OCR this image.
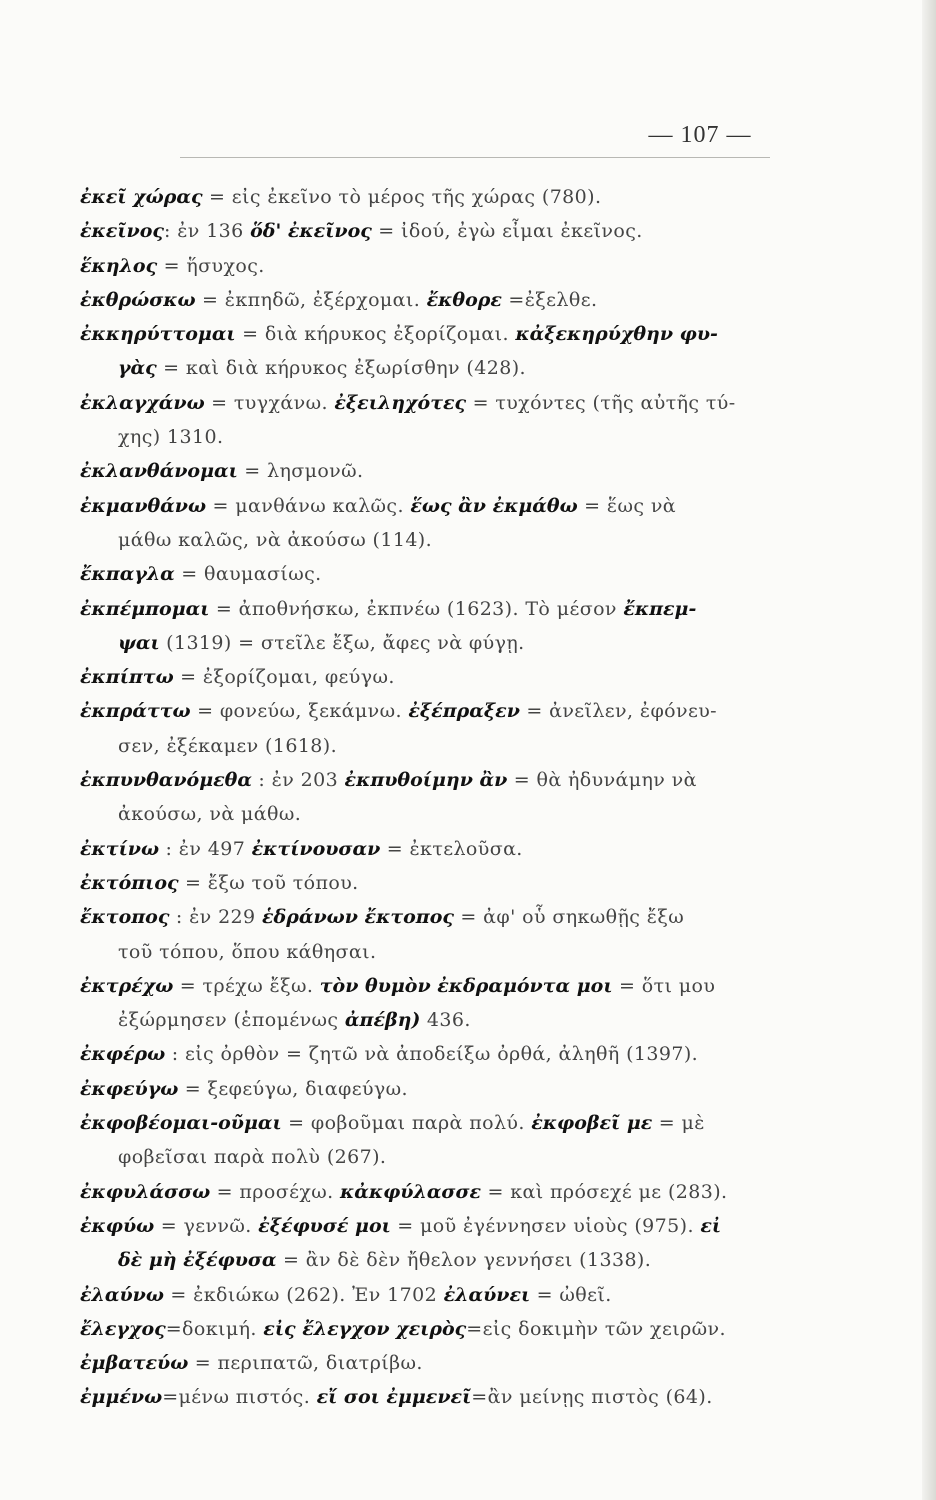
— 107 —
ἐκεῖ χώρας = εἰς ἐκεῖνο τὸ μέρος τῆς χώρας (780).
ἐκεῖνος: ἐν 136 ὅδ' ἐκεῖνος = ἰδού, ἐγὼ εἶμαι ἐκεῖνος.
ἕκηλος = ἥσυχος.
ἐκθρώσκω = ἐκπηδῶ, ἐξέρχομαι. ἔκθορε =ἐξελθε.
ἐκκηρύττομαι = διὰ κήρυκος ἐξορίζομαι. κἀξεκηρύχθην φυ-
γὰς = καὶ διὰ κήρυκος ἐξωρίσθην (428).
ἐκλαγχάνω = τυγχάνω. ἐξειληχότες = τυχόντες (τῆς αὐτῆς τύ-
χης) 1310.
ἐκλανθάνομαι = λησμονῶ.
ἐκμανθάνω = μανθάνω καλῶς. ἕως ἂν ἐκμάθω = ἕως νὰ
μάθω καλῶς, νὰ ἀκούσω (114).
ἔκπαγλα = θαυμασίως.
ἐκπέμπομαι = ἀποθνήσκω, ἐκπνέω (1623). Τὸ μέσον ἔκπεμ-
ψαι (1319) = στεῖλε ἔξω, ἄφες νὰ φύγῃ.
ἐκπίπτω = ἐξορίζομαι, φεύγω.
ἐκπράττω = φονεύω, ξεκάμνω. ἐξέπραξεν = ἀνεῖλεν, ἐφόνευ-
σεν, ἐξέκαμεν (1618).
ἐκπυνθανόμεθα : ἐν 203 ἐκπυθοίμην ἂν = θὰ ἠδυνάμην νὰ
ἀκούσω, νὰ μάθω.
ἐκτίνω : ἐν 497 ἐκτίνουσαν = ἐκτελοῦσα.
ἐκτόπιος = ἔξω τοῦ τόπου.
ἔκτοπος : ἐν 229 ἑδράνων ἔκτοπος = ἀφ' οὗ σηκωθῇς ἔξω
τοῦ τόπου, ὅπου κάθησαι.
ἐκτρέχω = τρέχω ἔξω. τὸν θυμὸν ἐκδραμόντα μοι = ὅτι μου
ἐξώρμησεν (ἑπομένως ἀπέβη) 436.
ἐκφέρω : εἰς ὀρθὸν = ζητῶ νὰ ἀποδείξω ὀρθά, ἀληθῆ (1397).
ἐκφεύγω = ξεφεύγω, διαφεύγω.
ἐκφοβέομαι-οῦμαι = φοβοῦμαι παρὰ πολύ. ἐκφοβεῖ με = μὲ
φοβεῖσαι παρὰ πολὺ (267).
ἐκφυλάσσω = προσέχω. κἀκφύλασσε = καὶ πρόσεχέ με (283).
ἐκφύω = γεννῶ. ἐξέφυσέ μοι = μοῦ ἐγέννησεν υἱοὺς (975). εἰ
δὲ μὴ ἐξέφυσα = ἂν δὲ δὲν ἤθελον γεννήσει (1338).
ἐλαύνω = ἐκδιώκω (262). Ἐν 1702 ἐλαύνει = ὠθεῖ.
ἔλεγχος=δοκιμή. εἰς ἔλεγχον χειρὸς=εἰς δοκιμὴν τῶν χειρῶν.
ἐμβατεύω = περιπατῶ, διατρίβω.
ἐμμένω=μένω πιστός. εἴ σοι ἐμμενεῖ=ἂν μείνῃς πιστὸς (64).
